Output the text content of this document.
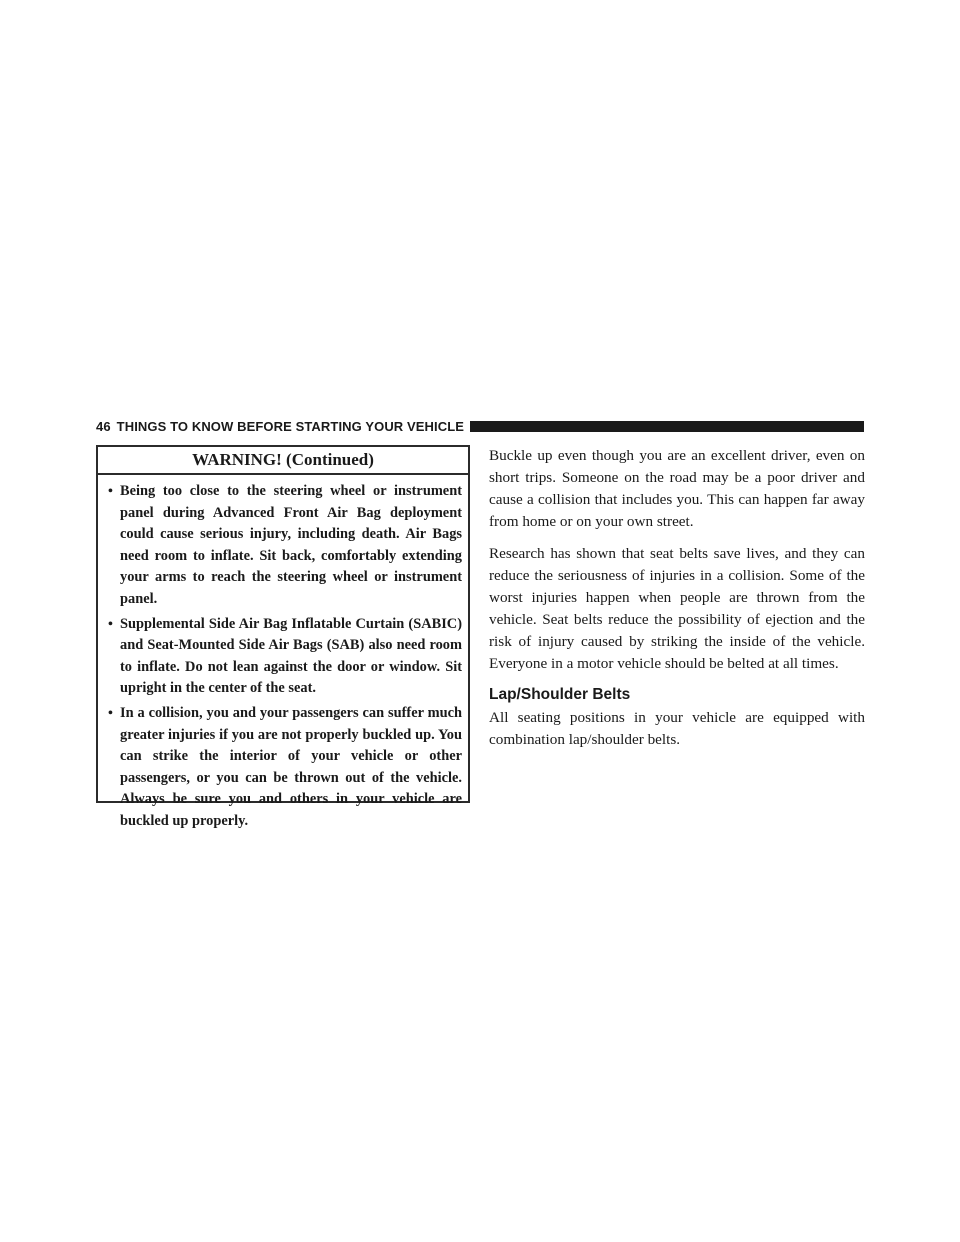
46 THINGS TO KNOW BEFORE STARTING YOUR VEHICLE
WARNING! (Continued)
• Being too close to the steering wheel or instrument panel during Advanced Front Air Bag deployment could cause serious injury, including death. Air Bags need room to inflate. Sit back, comfortably extending your arms to reach the steering wheel or instrument panel.
• Supplemental Side Air Bag Inflatable Curtain (SABIC) and Seat-Mounted Side Air Bags (SAB) also need room to inflate. Do not lean against the door or window. Sit upright in the center of the seat.
• In a collision, you and your passengers can suffer much greater injuries if you are not properly buckled up. You can strike the interior of your vehicle or other passengers, or you can be thrown out of the vehicle. Always be sure you and others in your vehicle are buckled up properly.

Buckle up even though you are an excellent driver, even on short trips. Someone on the road may be a poor driver and cause a collision that includes you. This can happen far away from home or on your own street.

Research has shown that seat belts save lives, and they can reduce the seriousness of injuries in a collision. Some of the worst injuries happen when people are thrown from the vehicle. Seat belts reduce the possibility of ejection and the risk of injury caused by striking the inside of the vehicle. Everyone in a motor vehicle should be belted at all times.

Lap/Shoulder Belts

All seating positions in your vehicle are equipped with combination lap/shoulder belts.
